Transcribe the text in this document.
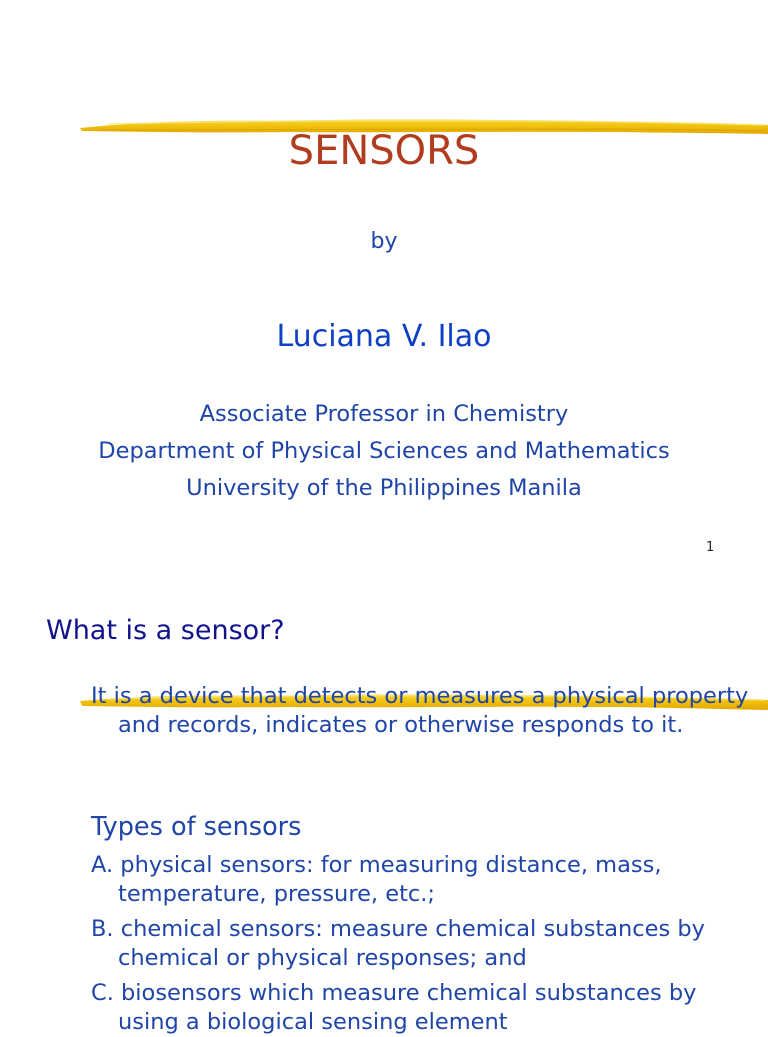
SENSORS
by
Luciana V. Ilao
Associate Professor in Chemistry
Department of Physical Sciences and Mathematics
University of the Philippines Manila
1
What is a sensor?

It is a device that detects or measures a physical property and records, indicates or otherwise responds to it.

Types of sensors

A. physical sensors: for measuring distance, mass, temperature, pressure, etc.;

B. chemical sensors: measure chemical substances by chemical or physical responses; and

C. biosensors which measure chemical substances by using a biological sensing element
